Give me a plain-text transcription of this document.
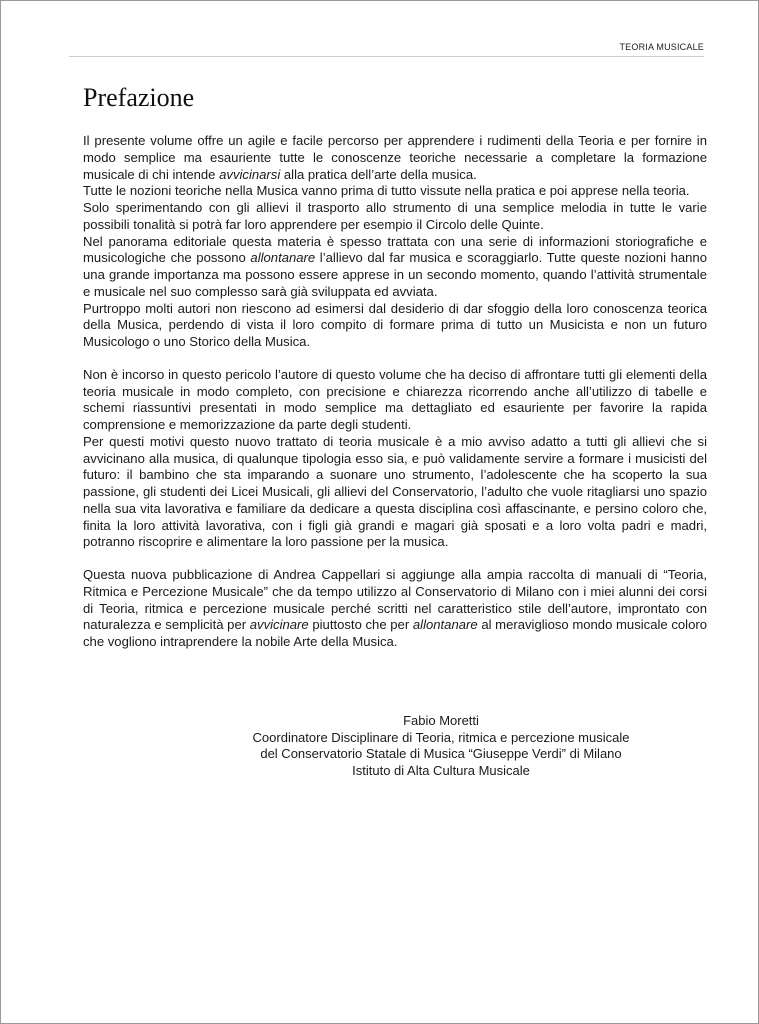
TEORIA MUSICALE
Prefazione

Il presente volume offre un agile e facile percorso per apprendere i rudimenti della Teoria e per fornire in modo semplice ma esauriente tutte le conoscenze teoriche necessarie a completare la formazione musicale di chi intende avvicinarsi alla pratica dell’arte della musica.

Tutte le nozioni teoriche nella Musica vanno prima di tutto vissute nella pratica e poi apprese nella teoria.

Solo sperimentando con gli allievi il trasporto allo strumento di una semplice melodia in tutte le varie possibili tonalità si potrà far loro apprendere per esempio il Circolo delle Quinte.

Nel panorama editoriale questa materia è spesso trattata con una serie di informazioni storiografiche e musicologiche che possono allontanare l’allievo dal far musica e scoraggiarlo. Tutte queste nozioni hanno una grande importanza ma possono essere apprese in un secondo momento, quando l’attività strumentale e musicale nel suo complesso sarà già sviluppata ed avviata.

Purtroppo molti autori non riescono ad esimersi dal desiderio di dar sfoggio della loro conoscenza teorica della Musica, perdendo di vista il loro compito di formare prima di tutto un Musicista e non un futuro Musicologo o uno Storico della Musica.

Non è incorso in questo pericolo l’autore di questo volume che ha deciso di affrontare tutti gli elementi della teoria musicale in modo completo, con precisione e chiarezza ricorrendo anche all’utilizzo di tabelle e schemi riassuntivi presentati in modo semplice ma dettagliato ed esauriente per favorire la rapida comprensione e memorizzazione da parte degli studenti.

Per questi motivi questo nuovo trattato di teoria musicale è a mio avviso adatto a tutti gli allievi che si avvicinano alla musica, di qualunque tipologia esso sia, e può validamente servire a formare i musicisti del futuro: il bambino che sta imparando a suonare uno strumento, l’adolescente che ha scoperto la sua passione, gli studenti dei Licei Musicali, gli allievi del Conservatorio, l’adulto che vuole ritagliarsi uno spazio nella sua vita lavorativa e familiare da dedicare a questa disciplina così affascinante, e persino coloro che, finita la loro attività lavorativa, con i figli già grandi e magari già sposati e a loro volta padri e madri, potranno riscoprire e alimentare la loro passione per la musica.

Questa nuova pubblicazione di Andrea Cappellari si aggiunge alla ampia raccolta di manuali di “Teoria, Ritmica e Percezione Musicale” che da tempo utilizzo al Conservatorio di Milano con i miei alunni dei corsi di Teoria, ritmica e percezione musicale perché scritti nel caratteristico stile dell’autore, improntato con naturalezza e semplicità per avvicinare piuttosto che per allontanare al meraviglioso mondo musicale coloro che vogliono intraprendere la nobile Arte della Musica.

Fabio Moretti
Coordinatore Disciplinare di Teoria, ritmica e percezione musicale
del Conservatorio Statale di Musica “Giuseppe Verdi” di Milano
Istituto di Alta Cultura Musicale
